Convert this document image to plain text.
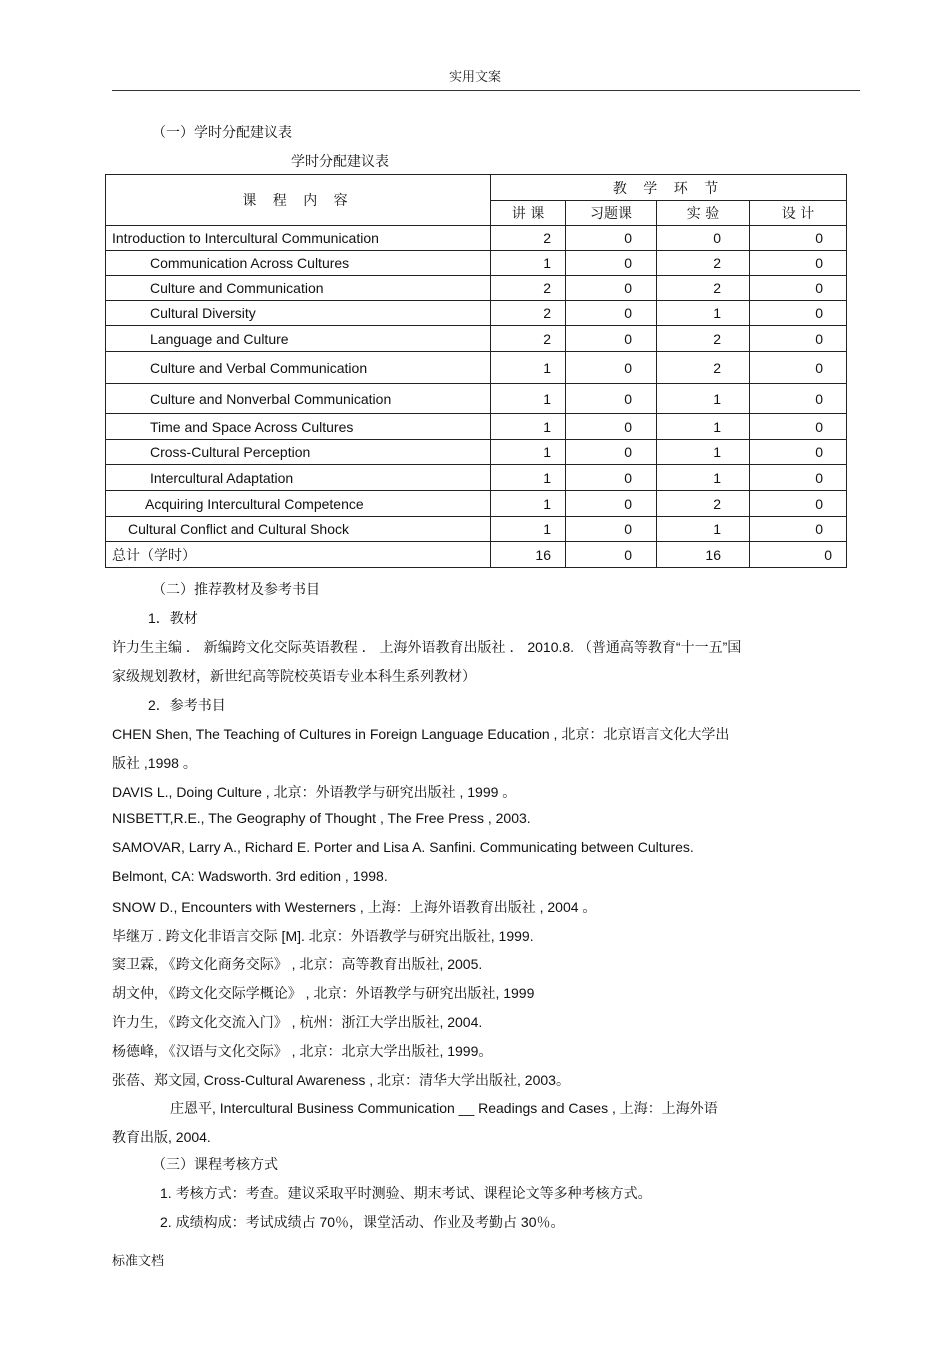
实用文案
（一）学时分配建议表
学时分配建议表
课 程 内 容	教 学 环 节			
	讲 课	习题课	实 验	设 计
Introduction to Intercultural Communication	2	0	0	0
Communication Across Cultures	1	0	2	0
Culture and Communication	2	0	2	0
Cultural Diversity	2	0	1	0
Language and Culture	2	0	2	0
Culture and Verbal Communication	1	0	2	0
Culture and Nonverbal Communication	1	0	1	0
Time and Space Across Cultures	1	0	1	0
Cross-Cultural Perception	1	0	1	0
Intercultural Adaptation	1	0	1	0
Acquiring Intercultural Competence	1	0	2	0
Cultural Conflict and Cultural Shock	1	0	1	0
总计（学时）	16	0	16	0
（二）推荐教材及参考书目
1．教材
许力生主编 ． 新编跨文化交际英语教程 ． 上海外语教育出版社 ． 2010.8. （普通高等教育“十一五”国
家级规划教材，新世纪高等院校英语专业本科生系列教材）
2．参考书目
CHEN Shen, The Teaching of Cultures in Foreign Language Education , 北京：北京语言文化大学出
版社 ,1998 。
DAVIS L., Doing Culture , 北京：外语教学与研究出版社 , 1999 。
NISBETT,R.E., The Geography of Thought , The Free Press , 2003.
SAMOVAR, Larry A., Richard E. Porter and Lisa A. Sanfini. Communicating between Cultures.
Belmont, CA: Wadsworth. 3rd edition , 1998.
SNOW D., Encounters with Westerners , 上海：上海外语教育出版社 , 2004 。
毕继万 . 跨文化非语言交际 [M]. 北京：外语教学与研究出版社, 1999.
窦卫霖, 《跨文化商务交际》 , 北京：高等教育出版社, 2005.
胡文仲, 《跨文化交际学概论》 , 北京：外语教学与研究出版社, 1999
许力生, 《跨文化交流入门》 , 杭州：浙江大学出版社, 2004.
杨德峰, 《汉语与文化交际》 , 北京：北京大学出版社, 1999。
张蓓、郑文园, Cross-Cultural Awareness , 北京：清华大学出版社, 2003。
庄恩平, Intercultural Business Communication __ Readings and Cases , 上海：上海外语
教育出版, 2004.
（三）课程考核方式
1. 考核方式：考查。建议采取平时测验、期末考试、课程论文等多种考核方式。
2. 成绩构成：考试成绩占 70％，课堂活动、作业及考勤占 30％。
标准文档
